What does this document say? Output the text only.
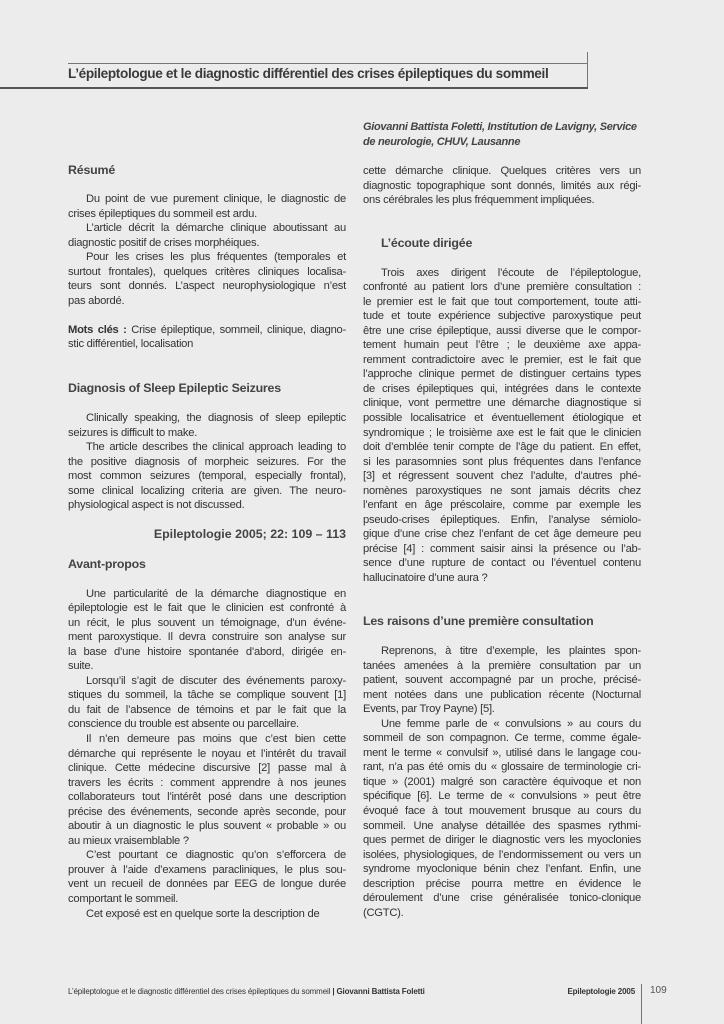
L’épileptologue et le diagnostic différentiel des crises épileptiques du sommeil
Résumé
Du point de vue purement clinique, le diagnostic de
crises épileptiques du sommeil est ardu.
L’article décrit la démarche clinique aboutissant au
diagnostic positif de crises morphéiques.
Pour les crises les plus fréquentes (temporales et
surtout frontales), quelques critères cliniques localisa-
teurs sont donnés. L’aspect neurophysiologique n’est
pas abordé.
Mots clés : Crise épileptique, sommeil, clinique, diagno-
stic différentiel, localisation
Diagnosis of Sleep Epileptic Seizures
Clinically speaking, the diagnosis of sleep epileptic
seizures is difficult to make.
The article describes the clinical approach leading to
the positive diagnosis of morpheic seizures. For the
most common seizures (temporal, especially frontal),
some clinical localizing criteria are given. The neuro-
physiological aspect is not discussed.
Epileptologie 2005; 22: 109 – 113
Avant-propos
Une particularité de la démarche diagnostique en
épileptologie est le fait que le clinicien est confronté à
un récit, le plus souvent un témoignage, d’un événe-
ment paroxystique. Il devra construire son analyse sur
la base d’une histoire spontanée d’abord, dirigée en-
suite.
Lorsqu’il s’agit de discuter des événements paroxy-
stiques du sommeil, la tâche se complique souvent [1]
du fait de l’absence de témoins et par le fait que la
conscience du trouble est absente ou parcellaire.
Il n’en demeure pas moins que c’est bien cette
démarche qui représente le noyau et l’intérêt du travail
clinique. Cette médecine discursive [2] passe mal à
travers les écrits : comment apprendre à nos jeunes
collaborateurs tout l’intérêt posé dans une description
précise des événements, seconde après seconde, pour
aboutir à un diagnostic le plus souvent « probable » ou
au mieux vraisemblable ?
C’est pourtant ce diagnostic qu’on s’efforcera de
prouver à l’aide d’examens paracliniques, le plus sou-
vent un recueil de données par EEG de longue durée
comportant le sommeil.
Cet exposé est en quelque sorte la description de
Giovanni Battista Foletti, Institution de Lavigny, Service
de neurologie, CHUV, Lausanne
cette démarche clinique. Quelques critères vers un
diagnostic topographique sont donnés, limités aux régi-
ons cérébrales les plus fréquemment impliquées.
L’écoute dirigée
Trois axes dirigent l’écoute de l’épileptologue,
confronté au patient lors d’une première consultation :
le premier est le fait que tout comportement, toute atti-
tude et toute expérience subjective paroxystique peut
être une crise épileptique, aussi diverse que le compor-
tement humain peut l’être ; le deuxième axe appa-
remment contradictoire avec le premier, est le fait que
l’approche clinique permet de distinguer certains types
de crises épileptiques qui, intégrées dans le contexte
clinique, vont permettre une démarche diagnostique si
possible localisatrice et éventuellement étiologique et
syndromique ; le troisième axe est le fait que le clinicien
doit d’emblée tenir compte de l’âge du patient. En effet,
si les parasomnies sont plus fréquentes dans l’enfance
[3] et régressent souvent chez l’adulte, d’autres phé-
nomènes paroxystiques ne sont jamais décrits chez
l’enfant en âge préscolaire, comme par exemple les
pseudo-crises épileptiques. Enfin, l’analyse sémiolo-
gique d’une crise chez l’enfant de cet âge demeure peu
précise [4] : comment saisir ainsi la présence ou l’ab-
sence d’une rupture de contact ou l’éventuel contenu
hallucinatoire d’une aura ?
Les raisons d’une première consultation
Reprenons, à titre d’exemple, les plaintes spon-
tanées amenées à la première consultation par un
patient, souvent accompagné par un proche, précisé-
ment notées dans une publication récente (Nocturnal
Events, par Troy Payne) [5].
Une femme parle de « convulsions » au cours du
sommeil de son compagnon. Ce terme, comme égale-
ment le terme « convulsif », utilisé dans le langage cou-
rant, n’a pas été omis du « glossaire de terminologie cri-
tique » (2001) malgré son caractère équivoque et non
spécifique [6]. Le terme de « convulsions » peut être
évoqué face à tout mouvement brusque au cours du
sommeil. Une analyse détaillée des spasmes rythmi-
ques permet de diriger le diagnostic vers les myoclonies
isolées, physiologiques, de l’endormissement ou vers un
syndrome myoclonique bénin chez l’enfant. Enfin, une
description précise pourra mettre en évidence le
déroulement d’une crise généralisée tonico-clonique
(CGTC).
L’épileptologue et le diagnostic différentiel des crises épileptiques du sommeil | Giovanni Battista Foletti	Epileptologie 2005 109
